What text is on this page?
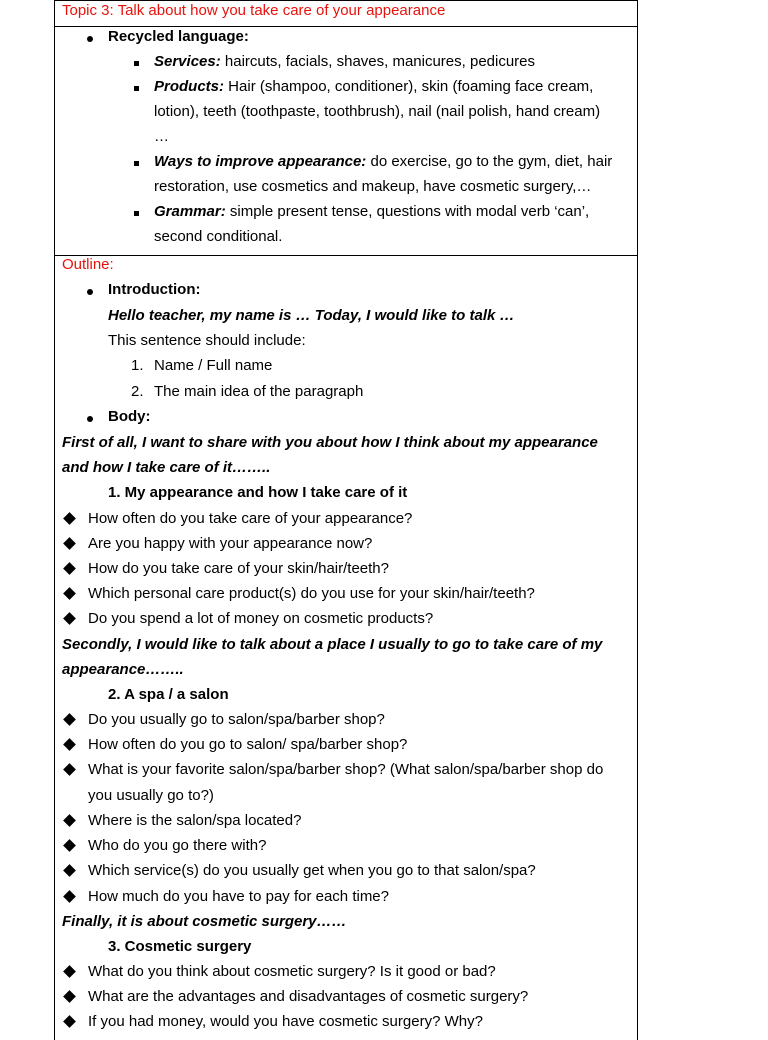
Topic 3: Talk about how you take care of your appearance
Recycled language:
Services: haircuts, facials, shaves, manicures, pedicures
Products: Hair (shampoo, conditioner), skin (foaming face cream,
lotion), teeth (toothpaste, toothbrush), nail (nail polish, hand cream)
…
Ways to improve appearance: do exercise, go to the gym, diet, hair
restoration, use cosmetics and makeup, have cosmetic surgery,…
Grammar: simple present tense, questions with modal verb ‘can’,
second conditional.
Outline:
Introduction:
Hello teacher, my name is … Today, I would like to talk …
This sentence should include:
1. Name / Full name
2. The main idea of the paragraph
Body:
First of all, I want to share with you about how I think about my appearance
and how I take care of it……..
1. My appearance and how I take care of it
How often do you take care of your appearance?
Are you happy with your appearance now?
How do you take care of your skin/hair/teeth?
Which personal care product(s) do you use for your skin/hair/teeth?
Do you spend a lot of money on cosmetic products?
Secondly, I would like to talk about a place I usually to go to take care of my
appearance……..
2. A spa / a salon
Do you usually go to salon/spa/barber shop?
How often do you go to salon/ spa/barber shop?
What is your favorite salon/spa/barber shop? (What salon/spa/barber shop do
you usually go to?)
Where is the salon/spa located?
Who do you go there with?
Which service(s) do you usually get when you go to that salon/spa?
How much do you have to pay for each time?
Finally, it is about cosmetic surgery……
3. Cosmetic surgery
What do you think about cosmetic surgery? Is it good or bad?
What are the advantages and disadvantages of cosmetic surgery?
If you had money, would you have cosmetic surgery? Why?
